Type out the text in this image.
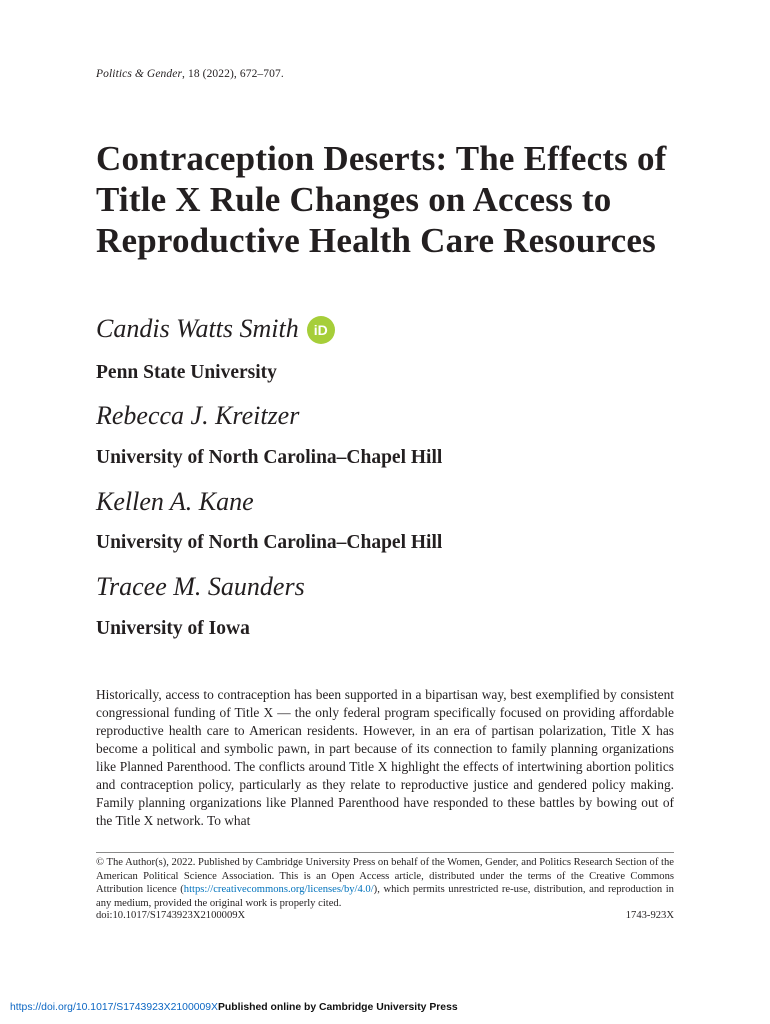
Politics & Gender, 18 (2022), 672–707.
Contraception Deserts: The Effects of Title X Rule Changes on Access to Reproductive Health Care Resources
Candis Watts Smith iD
Penn State University
Rebecca J. Kreitzer
University of North Carolina–Chapel Hill
Kellen A. Kane
University of North Carolina–Chapel Hill
Tracee M. Saunders
University of Iowa
Historically, access to contraception has been supported in a bipartisan way, best exemplified by consistent congressional funding of Title X — the only federal program specifically focused on providing affordable reproductive health care to American residents. However, in an era of partisan polarization, Title X has become a political and symbolic pawn, in part because of its connection to family planning organizations like Planned Parenthood. The conflicts around Title X highlight the effects of intertwining abortion politics and contraception policy, particularly as they relate to reproductive justice and gendered policy making. Family planning organizations like Planned Parenthood have responded to these battles by bowing out of the Title X network. To what
© The Author(s), 2022. Published by Cambridge University Press on behalf of the Women, Gender, and Politics Research Section of the American Political Science Association. This is an Open Access article, distributed under the terms of the Creative Commons Attribution licence (https://creativecommons.org/licenses/by/4.0/), which permits unrestricted re-use, distribution, and reproduction in any medium, provided the original work is properly cited.
doi:10.1017/S1743923X2100009X	1743-923X
https://doi.org/10.1017/S1743923X2100009XPublished online by Cambridge University Press
